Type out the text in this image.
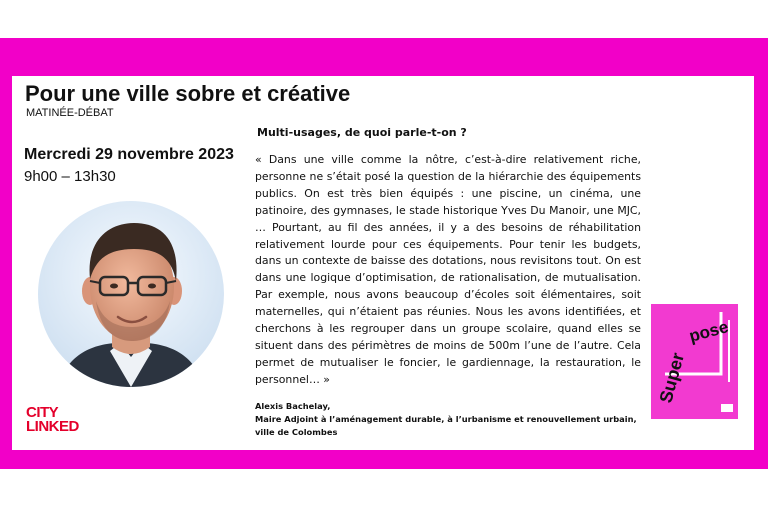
Pour une ville sobre et créative
MATINÉE-DÉBAT
Mercredi 29 novembre 2023
9h00 – 13h30
CITY
LINKED
Multi-usages, de quoi parle-t-on ?

« Dans une ville comme la nôtre, c’est-à-dire relativement riche, personne ne s’était posé la question de la hiérarchie des équipements publics. On est très bien équipés : une piscine, un cinéma, une patinoire, des gymnases, le stade historique Yves Du Manoir, une MJC, … Pourtant, au fil des années, il y a des besoins de réhabilitation relativement lourde pour ces équipements. Pour tenir les budgets, dans un contexte de baisse des dotations, nous revisitons tout. On est dans une logique d’optimisation, de rationalisation, de mutualisation. Par exemple, nous avons beaucoup d’écoles soit élémentaires, soit maternelles, qui n’étaient pas réunies. Nous les avons identifiées, et cherchons à les regrouper dans un groupe scolaire, quand elles se situent dans des périmètres de moins de 500m l’une de l’autre. Cela permet de mutualiser le foncier, le gardiennage, la restauration, le personnel… »

Alexis Bachelay,
Maire Adjoint à l’aménagement durable, à l’urbanisme et renouvellement urbain,
ville de Colombes
Super
pose
